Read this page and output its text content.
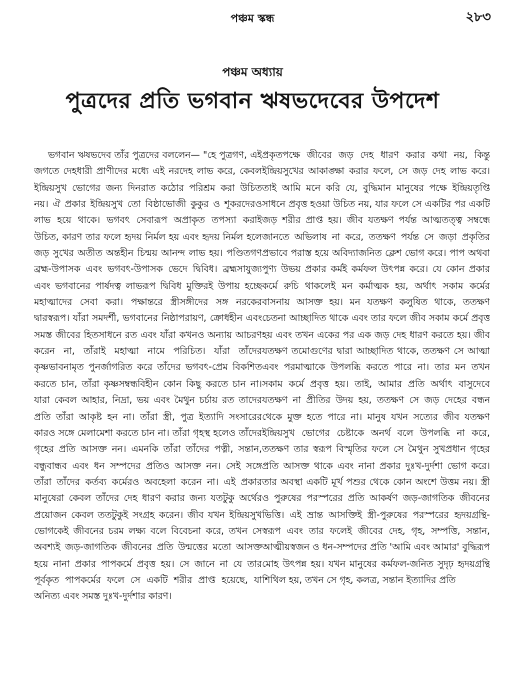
পঞ্চম স্কন্ধ	২৮৩
পঞ্চম অধ্যায়
পুত্রদের প্রতি ভগবান ঋষভদেবের উপদেশ

ভগবান ঋষভদেব তাঁর পুত্রদের বললেন— "হে পুত্রগণ, এই জগতে দেহধারী প্রাণীদের মধ্যে এই নরদেহ লাভ করে, কেবল ইন্দ্রিয়সুখ ভোগের জন্য দিনরাত কঠোর পরিশ্রম করা উচিত নয়। ঐ প্রকার ইন্দ্রিয়সুখ তো বিষ্ঠাভোজী কুকুর ও শূকরদেরও লাভ হয়ে থাকে। ভগবৎ সেবারূপ অপ্রাকৃত তপস্যা করাই উচিত, কারণ তার ফলে হৃদয় নির্মল হয় এবং হৃদয় নির্মল হলে জড় সুখের অতীত অন্তহীন চিন্ময় আনন্দ লাভ হয়। পণ্ডিতগণ ব্রহ্ম-উপাসক এবং ভগবৎ-উপাসক ভেদে দ্বিবিধ। ব্রহ্মসাযুজ্য এবং ভগবানের পার্ষদত্ব লাভরূপ দ্বিবিধ মুক্তিরই উপায় হচ্ছে মহাত্মাদের সেবা করা। পক্ষান্তরে স্ত্রীসঙ্গীদের সঙ্গ নরকের দ্বারস্বরূপ। যাঁরা সমদর্শী, ভগবানের নিষ্ঠাপরায়ণ, ক্রোধহীন এবং সমস্ত জীবের হিতসাধনে রত এবং যাঁরা কখনও অন্যায় আচরণ করেন না, তাঁরাই মহাত্মা নামে পরিচিত। যাঁরা তাঁদের কৃষ্ণভাবনামৃত পুনর্জাগরিত করে তাঁদের ভগবৎ-প্রেম বিকশিত করতে চান, তাঁরা কৃষ্ণসম্বন্ধবিহীন কোন কিছু করতে চান না। যারা কেবল আহার, নিদ্রা, ভয় এবং মৈথুন চর্চায় রত তাদের প্রতি তাঁরা আকৃষ্ট হন না। তাঁরা স্ত্রী, পুত্র ইত্যাদি সংসারের কারও সঙ্গে মেলামেশা করতে চান না। তাঁরা গৃহস্থ হলেও তাঁদের গৃহের প্রতি আসক্ত নন। এমনকি তাঁরা তাঁদের পত্নী, সন্তান, বন্ধুবান্ধব এবং ধন সম্পদের প্রতিও আসক্ত নন। সেই সঙ্গে তাঁরা তাঁদের কর্তব্য কর্মেরও অবহেলা করেন না। এই প্রকার মানুষেরা কেবল তাঁদের দেহ ধারণ করার জন্য যতটুকু অর্থের প্রয়োজন কেবল ততটুকুই সংগ্রহ করেন। জীব যখন ইন্দ্রিয়সুখ ভোগকেই জীবনের চরম লক্ষ্য বলে বিবেচনা করে, তখন সে অবশ্যই জড়-জাগতিক জীবনের প্রতি উন্মত্তের মতো আসক্ত হয়ে নানা প্রকার পাপকর্মে প্রবৃত্ত হয়। সে জানে না যে তার পূর্বকৃত পাপকর্মের ফলে সে একটি শরীর প্রাপ্ত হয়েছে, যা অনিত্য এবং সমস্ত দুঃখ-দুর্দশার কারণ।

প্রকৃতপক্ষে জীবের জড় দেহ ধারণ করার কথা নয়, কিন্তু ইন্দ্রিয়সুখের আকাঙ্ক্ষা করার ফলে, সে জড় দেহ লাভ করে। তাই আমি মনে করি যে, বুদ্ধিমান মানুষের পক্ষে ইন্দ্রিয়তৃপ্তি সাধনে প্রবৃত্ত হওয়া উচিত নয়, যার ফলে সে একটির পর একটি জড় শরীর প্রাপ্ত হয়। জীব যতক্ষণ পর্যন্ত আত্মতত্ত্ব সম্বন্ধে জানতে অভিলাষ না করে, ততক্ষণ পর্যন্ত সে জড়া প্রকৃতির প্রভাবে পরাস্ত হয়ে অবিদ্যাজনিত ক্লেশ ভোগ করে। পাপ অথবা পুণ্য উভয় প্রকার কর্মই কর্মফল উৎপন্ন করে। যে কোন প্রকার কর্মে রুচি থাকলেই মন কর্মাত্মক হয়, অর্থাৎ সকাম কর্মের বাসনায় আসক্ত হয়। মন যতক্ষণ কলুষিত থাকে, ততক্ষণ চেতনা আচ্ছাদিত থাকে এবং তার ফলে জীব সকাম কর্মে প্রবৃত্ত হয় এবং তখন একের পর এক জড় দেহ ধারণ করতে হয়। জীব যতক্ষণ তমোগুণের দ্বারা আচ্ছাদিত থাকে, ততক্ষণ সে আত্মা এবং পরমাত্মাকে উপলব্ধি করতে পারে না। তার মন তখন সকাম কর্মে প্রবৃত্ত হয়। তাই, আমার প্রতি অর্থাৎ বাসুদেবে যতক্ষণ না প্রীতির উদয় হয়, ততক্ষণ সে জড় দেহের বন্ধন থেকে মুক্ত হতে পারে না। মানুষ যখন সত্যের জীব যতক্ষণ ইন্দ্রিয়সুখ ভোগের চেষ্টাকে অনর্থ বলে উপলব্ধি না করে, ততক্ষণ তার স্বরূপ বিস্মৃতির ফলে সে মৈথুন সুখপ্রধান গৃহের প্রতি আসক্ত থাকে এবং নানা প্রকার দুঃখ-দুর্দশা ভোগ করে। তার অবস্থা একটি মূর্খ পশুর থেকে কোন অংশে উত্তম নয়। স্ত্রী ও পুরুষের পরস্পরের প্রতি আকর্ষণ জড়-জাগতিক জীবনের ভিত্তি। এই ভ্রান্ত আসক্তিই স্ত্রী-পুরুষের পরস্পরের হৃদয়গ্রন্থি-স্বরূপ এবং তার ফলেই জীবের দেহ, গৃহ, সম্পত্তি, সন্তান, আত্মীয়স্বজন ও ধন-সম্পদের প্রতি 'আমি এবং আমার' বুদ্ধিরূপ মোহ উৎপন্ন হয়। যখন মানুষের কর্মফল-জনিত সুদৃঢ় হৃদয়গ্রন্থি শিথিল হয়, তখন সে গৃহ, কলত্র, সন্তান ইত্যাদির প্রতি
